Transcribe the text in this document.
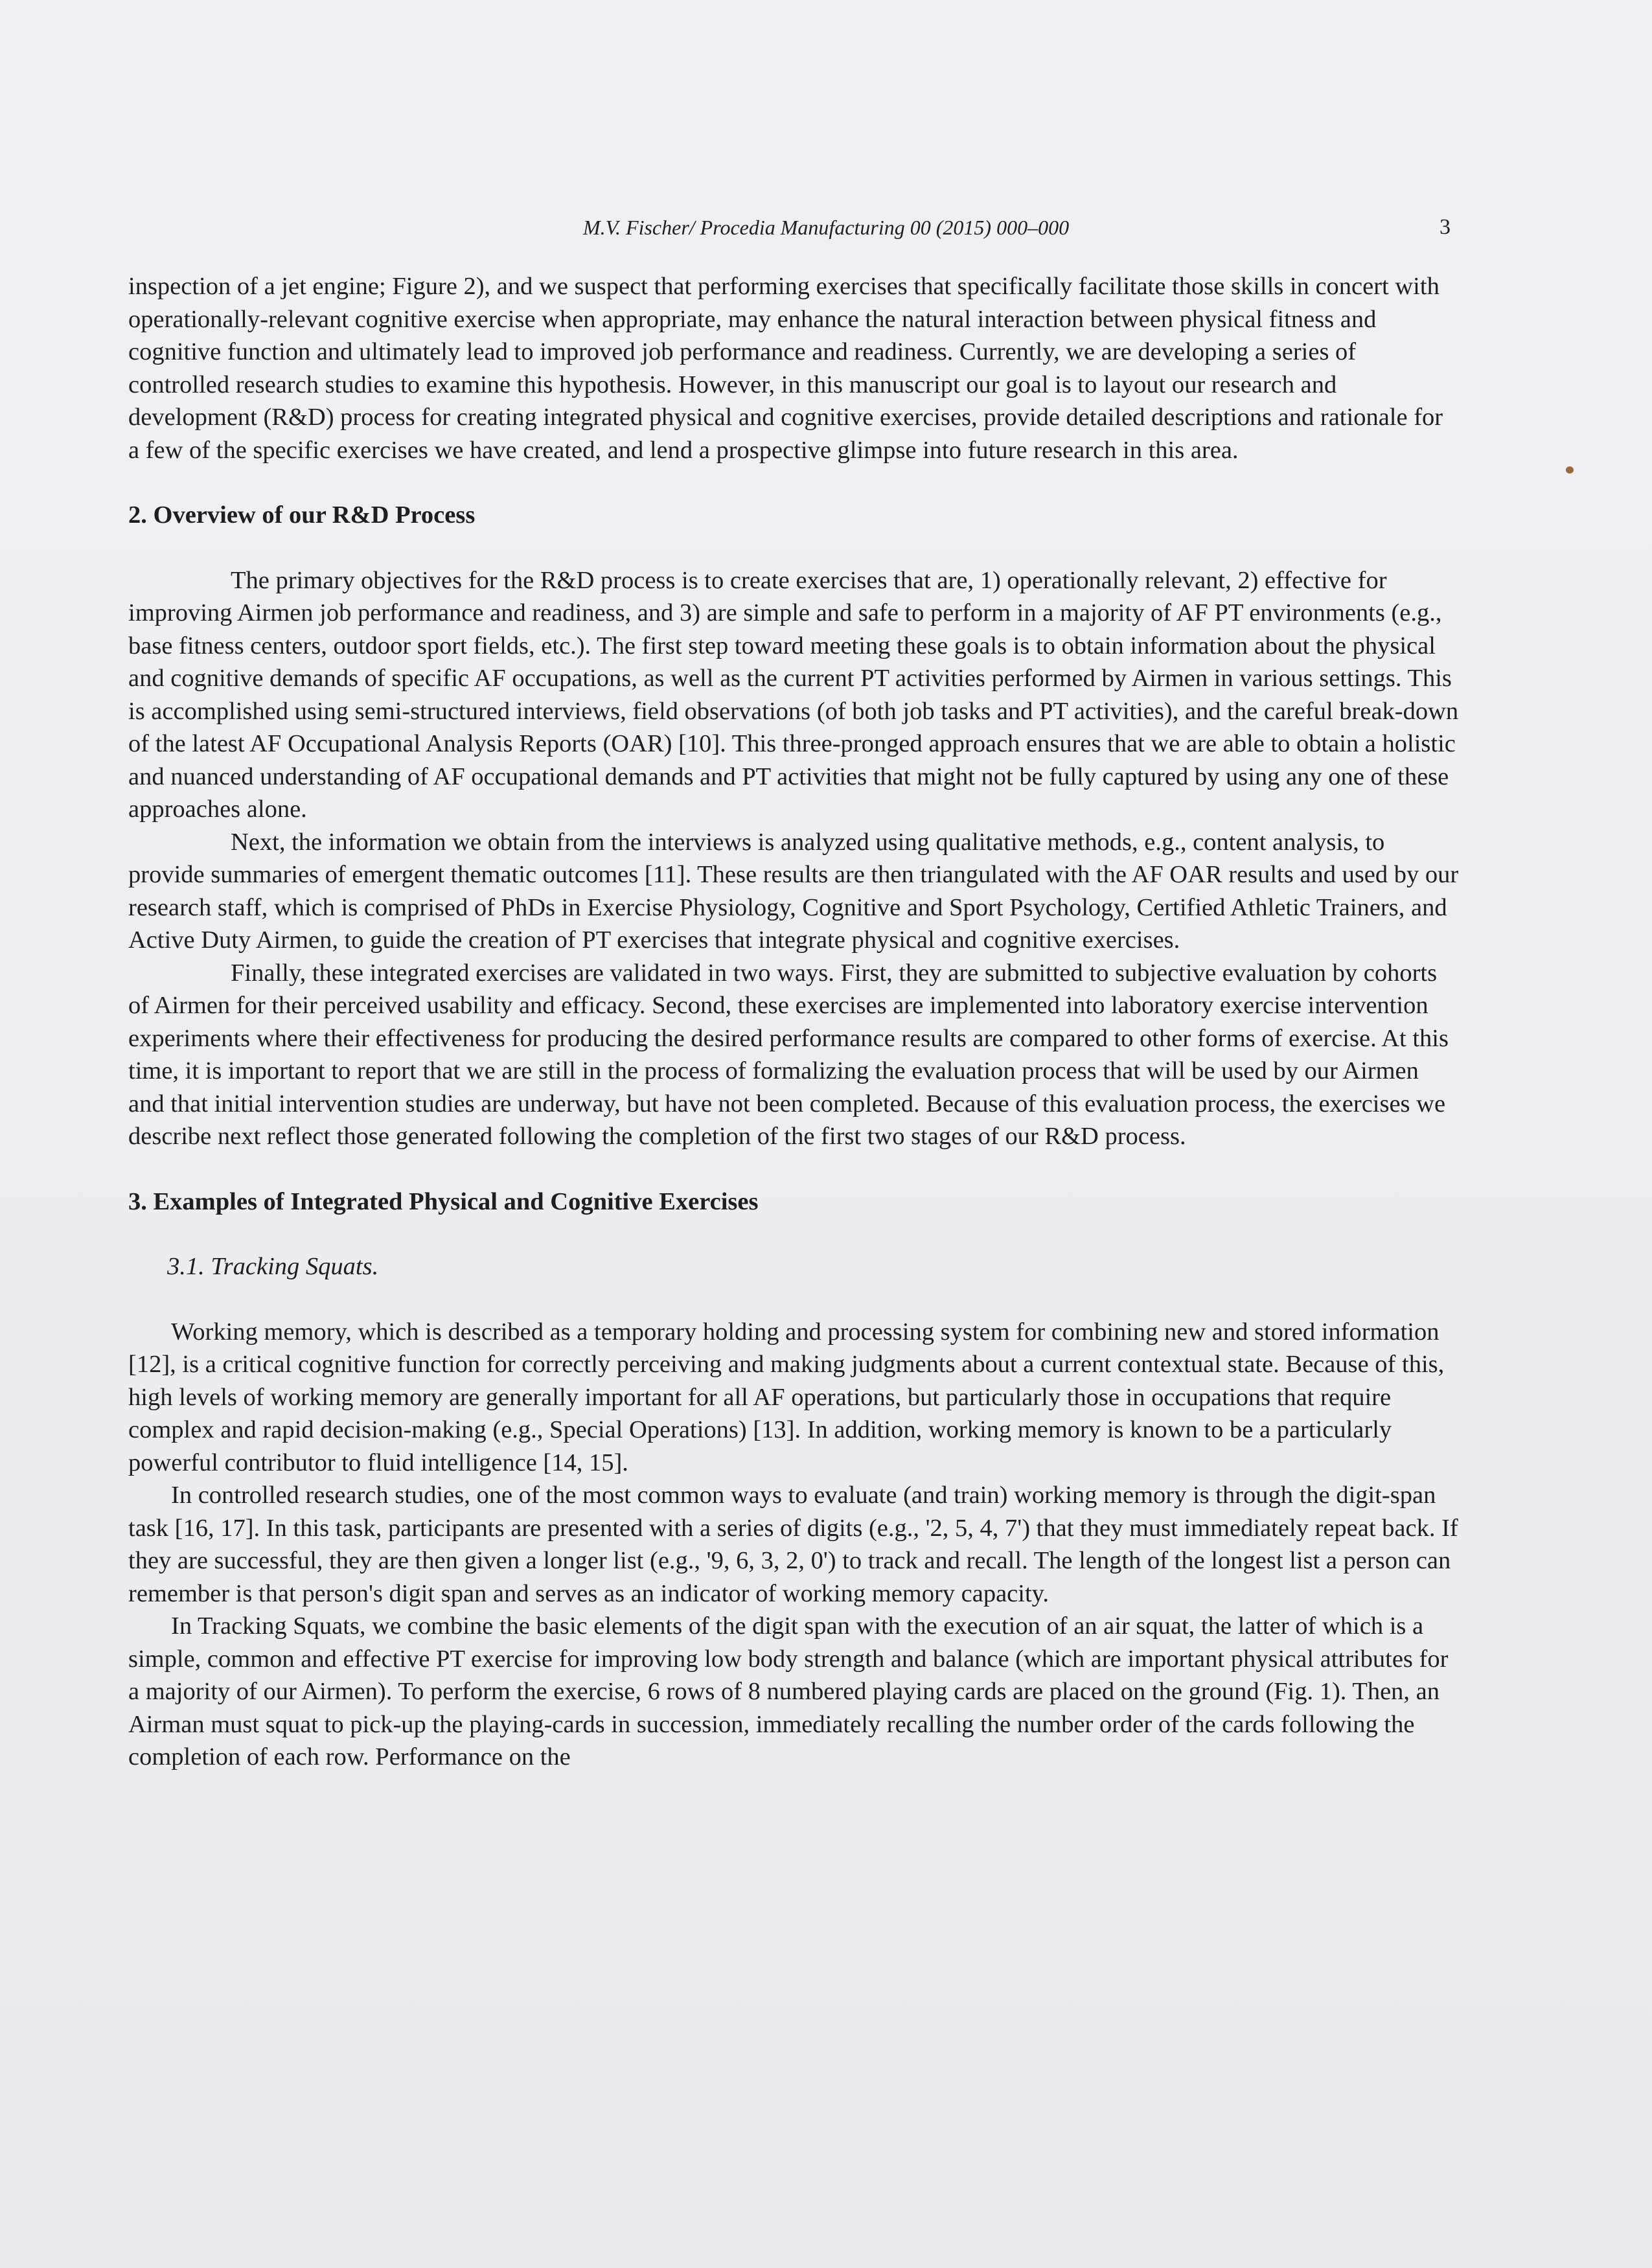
M.V. Fischer/ Procedia Manufacturing 00 (2015) 000–000	3

inspection of a jet engine; Figure 2), and we suspect that performing exercises that specifically facilitate those skills in concert with operationally-relevant cognitive exercise when appropriate, may enhance the natural interaction between physical fitness and cognitive function and ultimately lead to improved job performance and readiness. Currently, we are developing a series of controlled research studies to examine this hypothesis. However, in this manuscript our goal is to layout our research and development (R&D) process for creating integrated physical and cognitive exercises, provide detailed descriptions and rationale for a few of the specific exercises we have created, and lend a prospective glimpse into future research in this area.

2. Overview of our R&D Process

The primary objectives for the R&D process is to create exercises that are, 1) operationally relevant, 2) effective for improving Airmen job performance and readiness, and 3) are simple and safe to perform in a majority of AF PT environments (e.g., base fitness centers, outdoor sport fields, etc.). The first step toward meeting these goals is to obtain information about the physical and cognitive demands of specific AF occupations, as well as the current PT activities performed by Airmen in various settings. This is accomplished using semi-structured interviews, field observations (of both job tasks and PT activities), and the careful break-down of the latest AF Occupational Analysis Reports (OAR) [10]. This three-pronged approach ensures that we are able to obtain a holistic and nuanced understanding of AF occupational demands and PT activities that might not be fully captured by using any one of these approaches alone.

Next, the information we obtain from the interviews is analyzed using qualitative methods, e.g., content analysis, to provide summaries of emergent thematic outcomes [11]. These results are then triangulated with the AF OAR results and used by our research staff, which is comprised of PhDs in Exercise Physiology, Cognitive and Sport Psychology, Certified Athletic Trainers, and Active Duty Airmen, to guide the creation of PT exercises that integrate physical and cognitive exercises.

Finally, these integrated exercises are validated in two ways. First, they are submitted to subjective evaluation by cohorts of Airmen for their perceived usability and efficacy. Second, these exercises are implemented into laboratory exercise intervention experiments where their effectiveness for producing the desired performance results are compared to other forms of exercise. At this time, it is important to report that we are still in the process of formalizing the evaluation process that will be used by our Airmen and that initial intervention studies are underway, but have not been completed. Because of this evaluation process, the exercises we describe next reflect those generated following the completion of the first two stages of our R&D process.

3. Examples of Integrated Physical and Cognitive Exercises
3.1. Tracking Squats.

Working memory, which is described as a temporary holding and processing system for combining new and stored information [12], is a critical cognitive function for correctly perceiving and making judgments about a current contextual state. Because of this, high levels of working memory are generally important for all AF operations, but particularly those in occupations that require complex and rapid decision-making (e.g., Special Operations) [13]. In addition, working memory is known to be a particularly powerful contributor to fluid intelligence [14, 15].

In controlled research studies, one of the most common ways to evaluate (and train) working memory is through the digit-span task [16, 17]. In this task, participants are presented with a series of digits (e.g., '2, 5, 4, 7') that they must immediately repeat back. If they are successful, they are then given a longer list (e.g., '9, 6, 3, 2, 0') to track and recall. The length of the longest list a person can remember is that person's digit span and serves as an indicator of working memory capacity.

In Tracking Squats, we combine the basic elements of the digit span with the execution of an air squat, the latter of which is a simple, common and effective PT exercise for improving low body strength and balance (which are important physical attributes for a majority of our Airmen). To perform the exercise, 6 rows of 8 numbered playing cards are placed on the ground (Fig. 1). Then, an Airman must squat to pick-up the playing-cards in succession, immediately recalling the number order of the cards following the completion of each row. Performance on the
